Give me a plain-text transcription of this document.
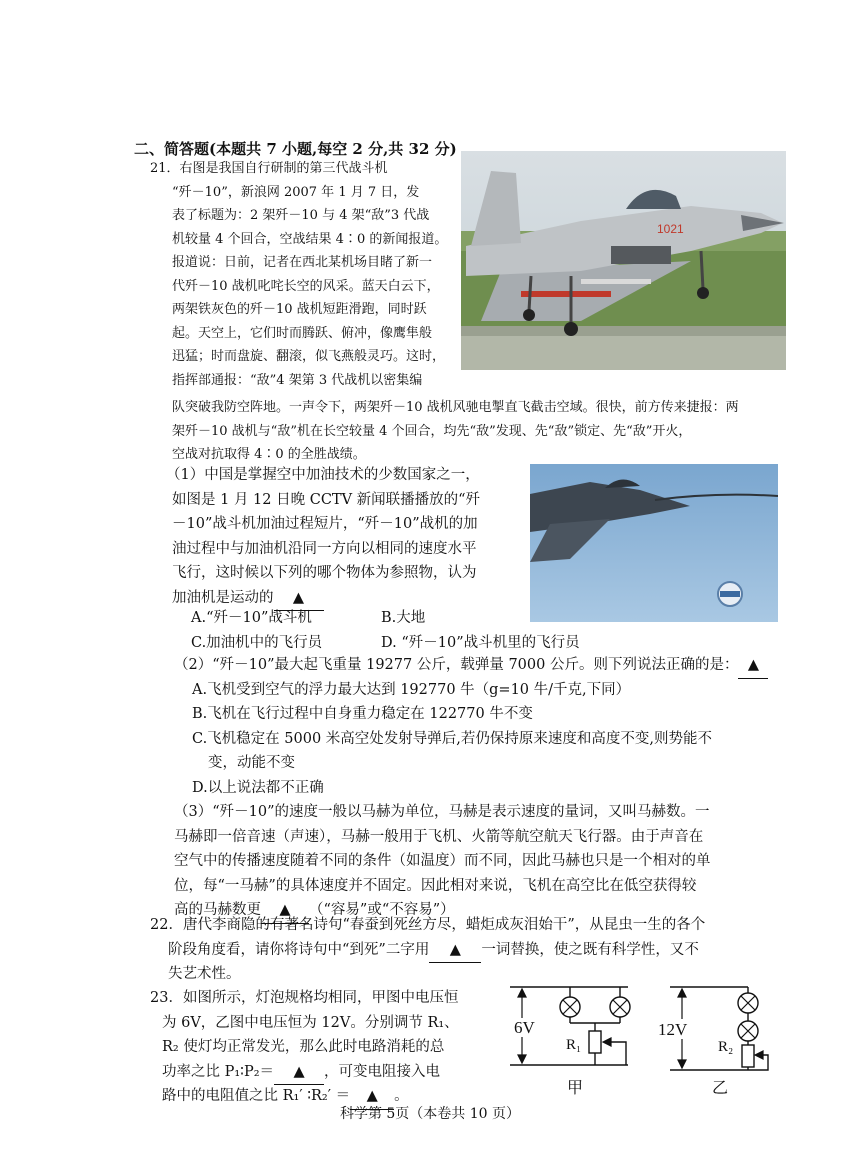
二、简答题(本题共 7 小题,每空 2 分,共 32 分)
21．右图是我国自行研制的第三代战斗机
“歼－10”，新浪网 2007 年 1 月 7 日，发
表了标题为：2 架歼－10 与 4 架“敌”3 代战
机较量 4 个回合，空战结果 4∶0 的新闻报道。
报道说：日前，记者在西北某机场目睹了新一
代歼－10 战机叱咤长空的风采。蓝天白云下，
两架铁灰色的歼－10 战机短距滑跑，同时跃
起。天空上，它们时而腾跃、俯冲，像鹰隼般
迅猛；时而盘旋、翻滚，似飞燕般灵巧。这时，
指挥部通报：“敌”4 架第 3 代战机以密集编
1021
队突破我防空阵地。一声令下，两架歼－10 战机风驰电掣直飞截击空域。很快，前方传来捷报：两
架歼－10 战机与“敌”机在长空较量 4 个回合，均先“敌”发现、先“敌”锁定、先“敌”开火，
空战对抗取得 4∶0 的全胜战绩。
（1）中国是掌握空中加油技术的少数国家之一，
如图是 1 月 12 日晚 CCTV 新闻联播播放的“歼
－10”战斗机加油过程短片，“歼－10”战机的加
油过程中与加油机沿同一方向以相同的速度水平
飞行，这时候以下列的哪个物体为参照物，认为
加油机是运动的 ▲
A.“歼－10”战斗机	B.大地
C.加油机中的飞行员	D. “歼－10”战斗机里的飞行员
（2）“歼－10”最大起飞重量 19277 公斤，载弹量 7000 公斤。则下列说法正确的是： ▲
A.飞机受到空气的浮力最大达到 192770 牛（g=10 牛/千克,下同）
B.飞机在飞行过程中自身重力稳定在 122770 牛不变
C.飞机稳定在 5000 米高空处发射导弹后,若仍保持原来速度和高度不变,则势能不
变，动能不变
D.以上说法都不正确
（3）“歼－10”的速度一般以马赫为单位，马赫是表示速度的量词，又叫马赫数。一
马赫即一倍音速（声速），马赫一般用于飞机、火箭等航空航天飞行器。由于声音在
空气中的传播速度随着不同的条件（如温度）而不同，因此马赫也只是一个相对的单
位，每“一马赫”的具体速度并不固定。因此相对来说，飞机在高空比在低空获得较
高的马赫数更 ▲ （“容易”或“不容易”）
22．唐代李商隐的有著名诗句“春蚕到死丝方尽，蜡炬成灰泪始干”，从昆虫一生的各个
阶段角度看，请你将诗句中“到死”二字用 ▲ 一词替换，使之既有科学性，又不
失艺术性。
23．如图所示，灯泡规格均相同，甲图中电压恒
为 6V，乙图中电压恒为 12V。分别调节 R₁、
R₂ 使灯均正常发光，那么此时电路消耗的总
功率之比 P₁∶P₂＝ ▲ ，可变电阻接入电
路中的电阻值之比 R₁′ ∶R₂′ ＝ ▲ 。
6V
R₁
甲
12V
R₂
乙
科学第 5页（本卷共 10 页）
